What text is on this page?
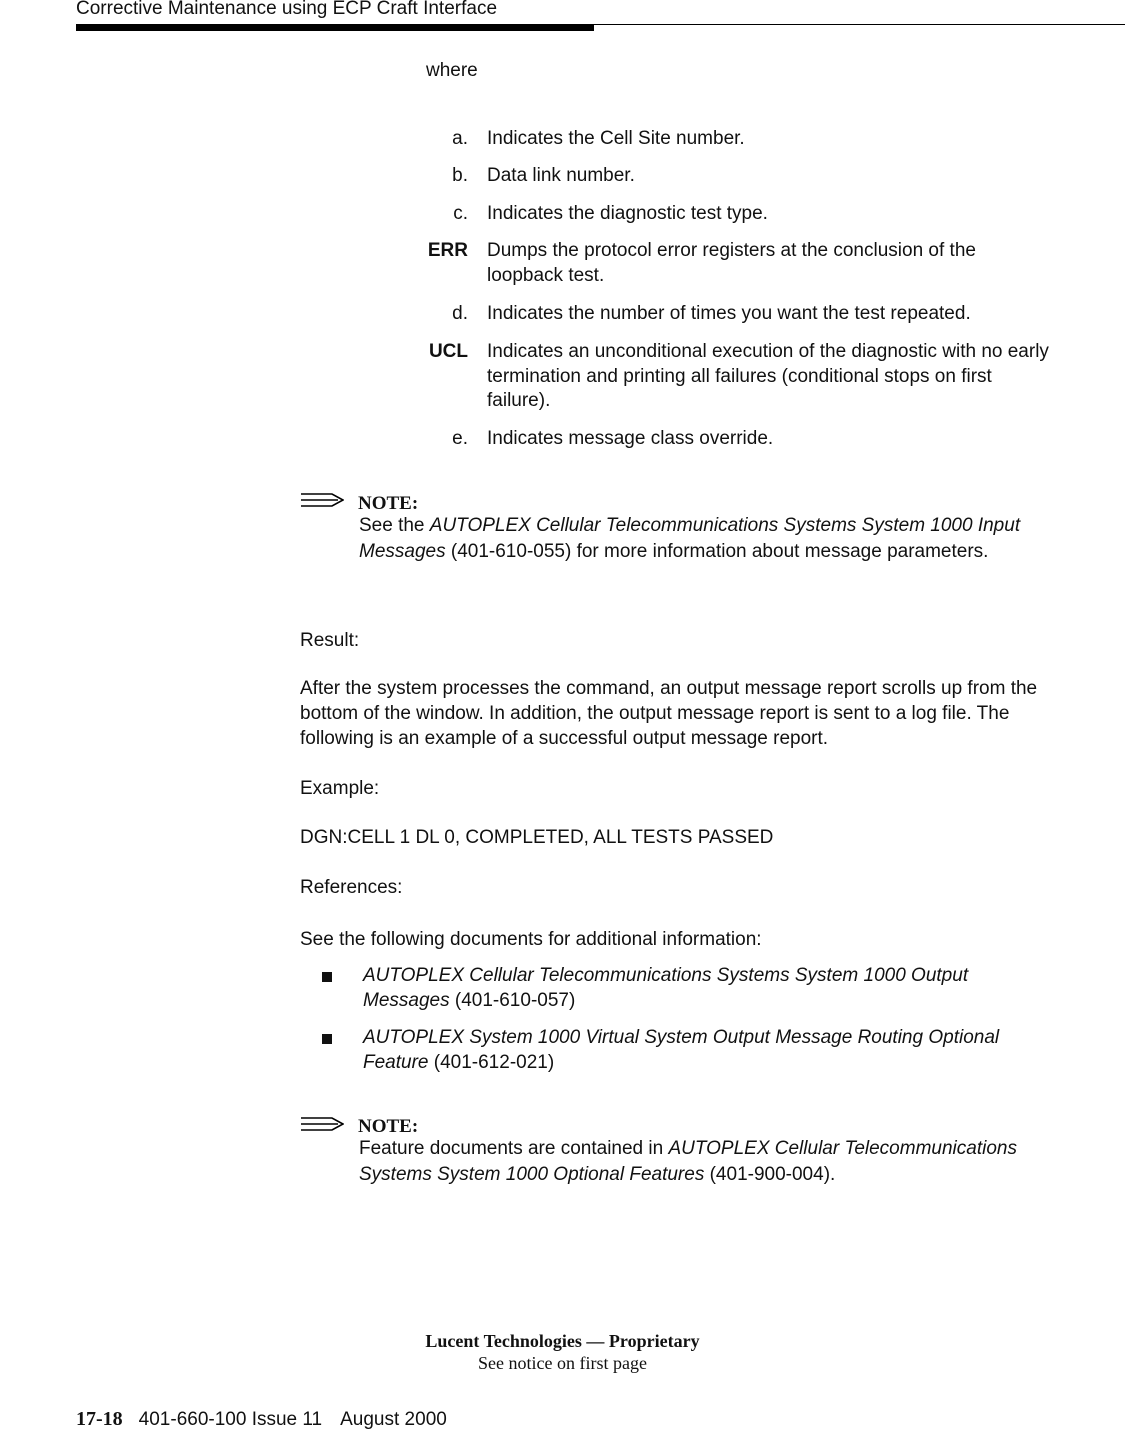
Corrective Maintenance using ECP Craft Interface
where
a. Indicates the Cell Site number.
b. Data link number.
c. Indicates the diagnostic test type.
ERR Dumps the protocol error registers at the conclusion of the loopback test.
d. Indicates the number of times you want the test repeated.
UCL Indicates an unconditional execution of the diagnostic with no early termination and printing all failures (conditional stops on first failure).
e. Indicates message class override.
NOTE:
See the AUTOPLEX Cellular Telecommunications Systems System 1000 Input Messages (401-610-055) for more information about message parameters.
Result:
After the system processes the command, an output message report scrolls up from the bottom of the window. In addition, the output message report is sent to a log file. The following is an example of a successful output message report.
Example:
DGN:CELL 1 DL 0, COMPLETED, ALL TESTS PASSED
References:
See the following documents for additional information:
AUTOPLEX Cellular Telecommunications Systems System 1000 Output Messages (401-610-057)
AUTOPLEX System 1000 Virtual System Output Message Routing Optional Feature (401-612-021)
NOTE:
Feature documents are contained in AUTOPLEX Cellular Telecommunications Systems System 1000 Optional Features (401-900-004).
Lucent Technologies — Proprietary
See notice on first page
17-18 401-660-100 Issue 11 August 2000
